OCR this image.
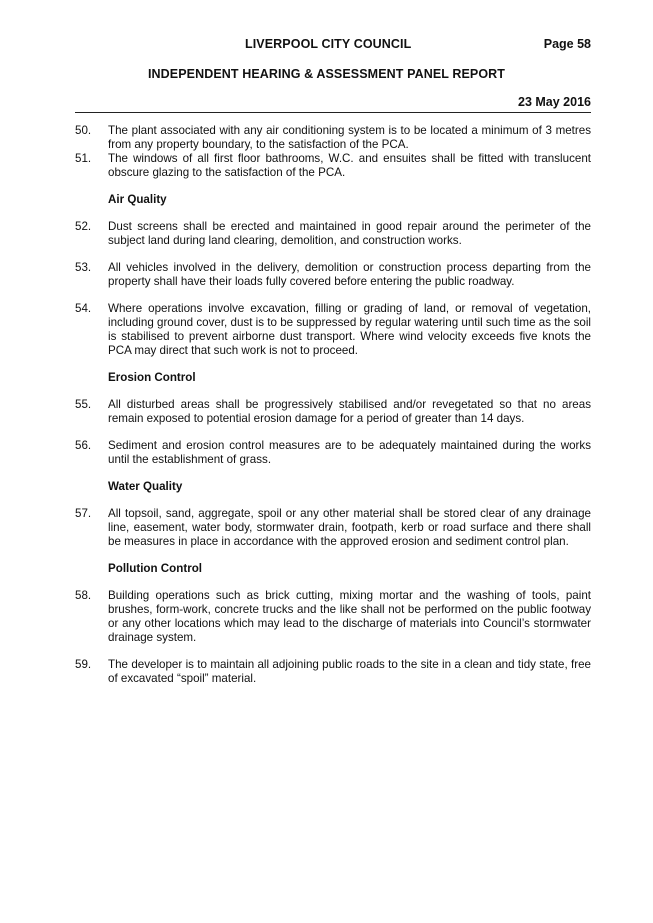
LIVERPOOL CITY COUNCIL	Page 58
INDEPENDENT HEARING & ASSESSMENT PANEL REPORT
23 May 2016
50.	The plant associated with any air conditioning system is to be located a minimum of 3 metres from any property boundary, to the satisfaction of the PCA.
51.	The windows of all first floor bathrooms, W.C. and ensuites shall be fitted with translucent obscure glazing to the satisfaction of the PCA.
Air Quality
52.	Dust screens shall be erected and maintained in good repair around the perimeter of the subject land during land clearing, demolition, and construction works.
53.	All vehicles involved in the delivery, demolition or construction process departing from the property shall have their loads fully covered before entering the public roadway.
54.	Where operations involve excavation, filling or grading of land, or removal of vegetation, including ground cover, dust is to be suppressed by regular watering until such time as the soil is stabilised to prevent airborne dust transport. Where wind velocity exceeds five knots the PCA may direct that such work is not to proceed.
Erosion Control
55.	All disturbed areas shall be progressively stabilised and/or revegetated so that no areas remain exposed to potential erosion damage for a period of greater than 14 days.
56.	Sediment and erosion control measures are to be adequately maintained during the works until the establishment of grass.
Water Quality
57.	All topsoil, sand, aggregate, spoil or any other material shall be stored clear of any drainage line, easement, water body, stormwater drain, footpath, kerb or road surface and there shall be measures in place in accordance with the approved erosion and sediment control plan.
Pollution Control
58.	Building operations such as brick cutting, mixing mortar and the washing of tools, paint brushes, form-work, concrete trucks and the like shall not be performed on the public footway or any other locations which may lead to the discharge of materials into Council’s stormwater drainage system.
59.	The developer is to maintain all adjoining public roads to the site in a clean and tidy state, free of excavated “spoil” material.
